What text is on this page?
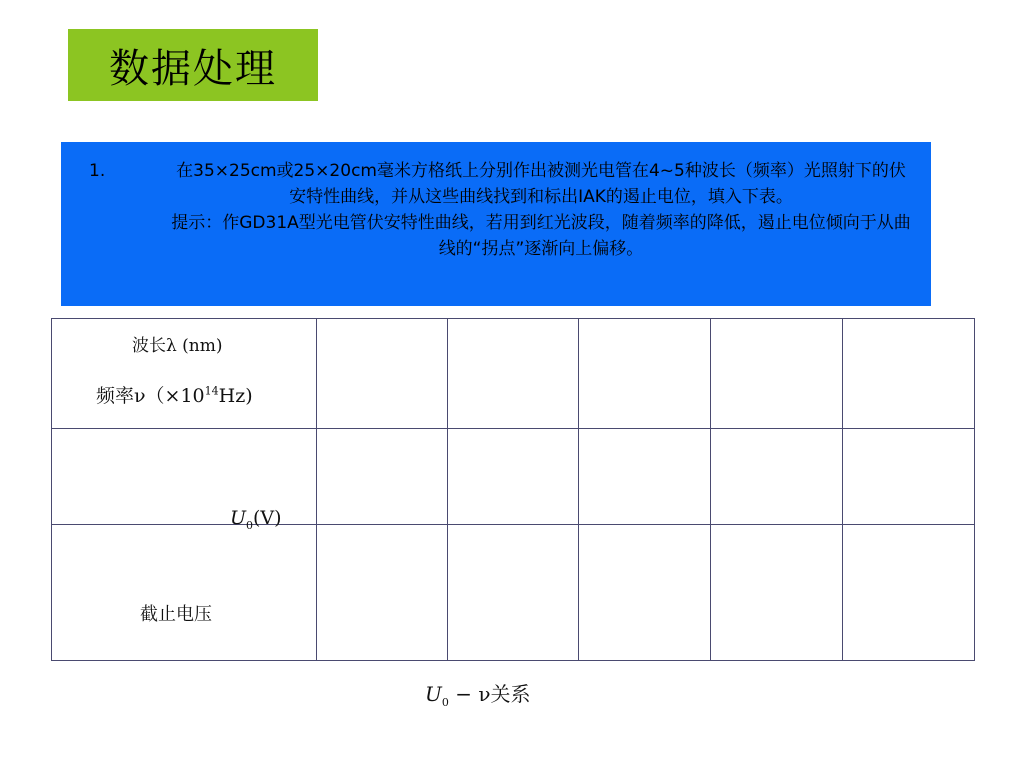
数据处理
1.	在35×25cm或25×20cm毫米方格纸上分别作出被测光电管在4~5种波长（频率）光照射下的伏安特性曲线，并从这些曲线找到和标出IAK的遏止电位，填入下表。

提示：作GD31A型光电管伏安特性曲线，若用到红光波段，随着频率的降低，遏止电位倾向于从曲线的“拐点”逐渐向上偏移。

波长λ (nm)
频率$\nu(\times 10^{14}Hz)$
$U_0(V)$
截止电压
$U_0 - \nu$关系
